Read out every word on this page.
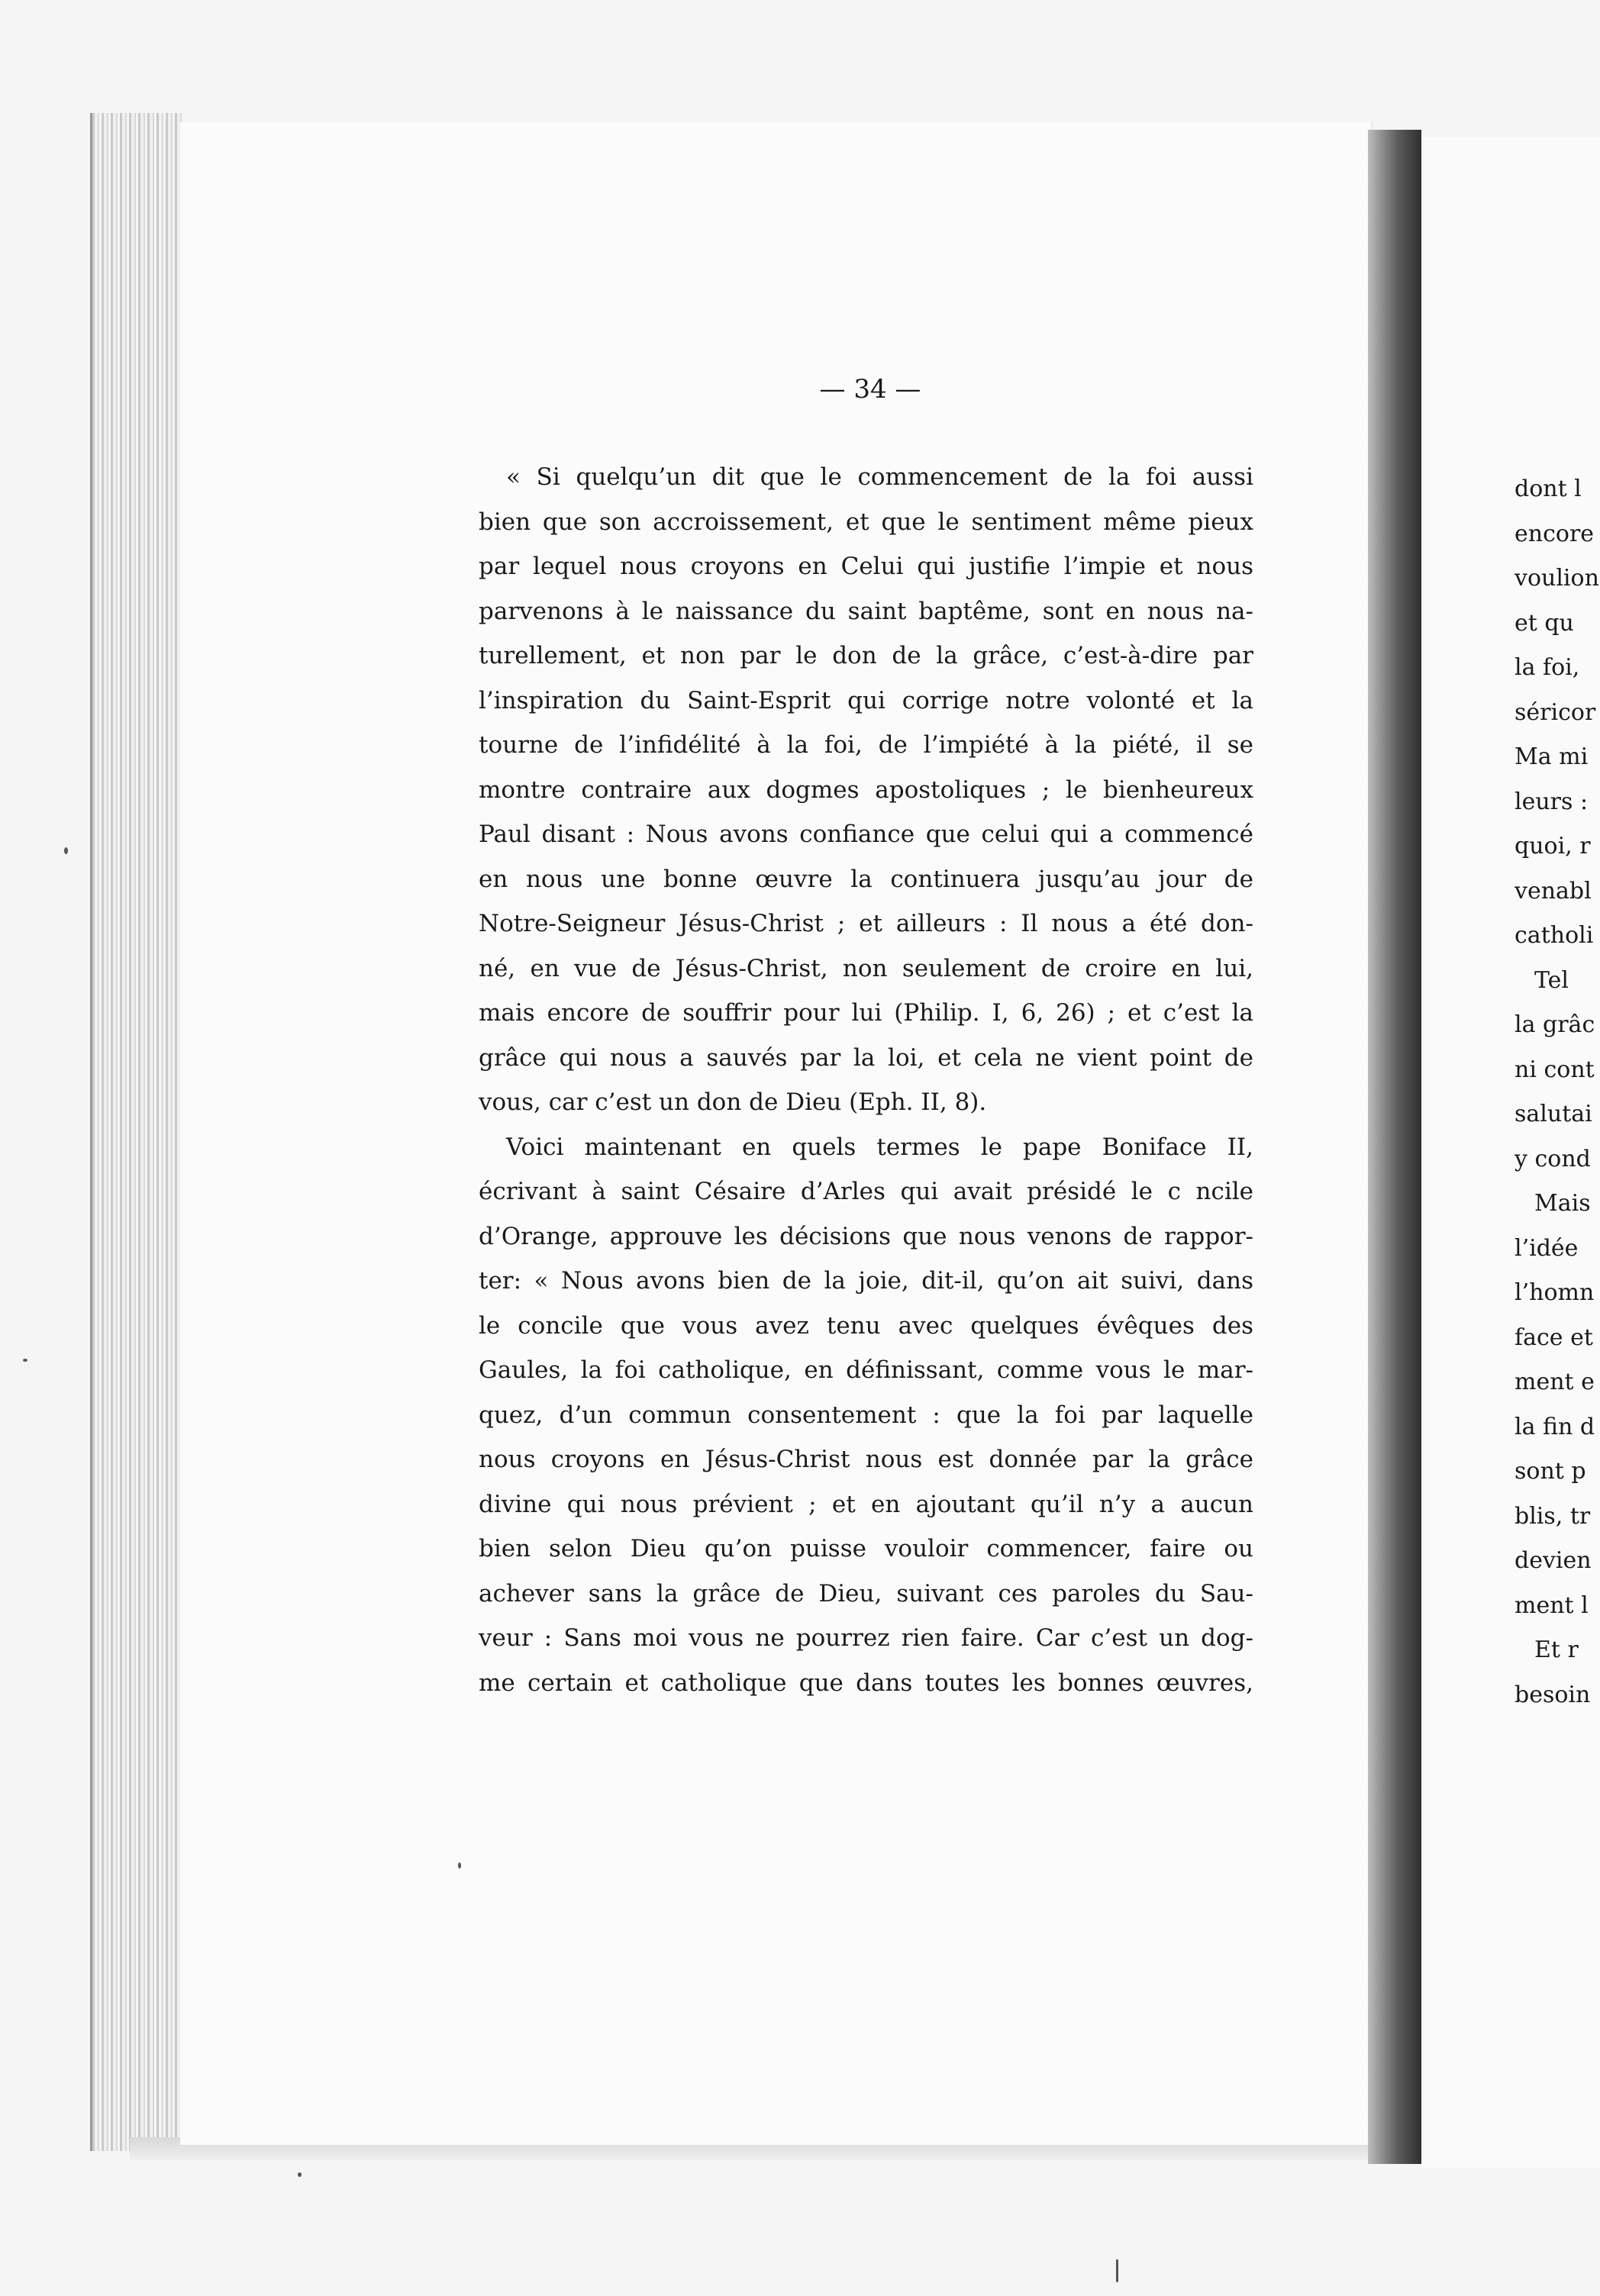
— 34 —

« Si quelqu’un dit que le commencement de la foi aussi

bien que son accroissement, et que le sentiment même pieux

par lequel nous croyons en Celui qui justifie l’impie et nous

parvenons à le naissance du saint baptême, sont en nous na-

turellement, et non par le don de la grâce, c’est-à-dire par

l’inspiration du Saint-Esprit qui corrige notre volonté et la

tourne de l’infidélité à la foi, de l’impiété à la piété, il se

montre contraire aux dogmes apostoliques ; le bienheureux

Paul disant : Nous avons confiance que celui qui a commencé

en nous une bonne œuvre la continuera jusqu’au jour de

Notre-Seigneur Jésus-Christ ; et ailleurs : Il nous a été don-

né, en vue de Jésus-Christ, non seulement de croire en lui,

mais encore de souffrir pour lui (Philip. I, 6, 26) ; et c’est la

grâce qui nous a sauvés par la loi, et cela ne vient point de

vous, car c’est un don de Dieu (Eph. II, 8).

Voici maintenant en quels termes le pape Boniface II,

écrivant à saint Césaire d’Arles qui avait présidé le c ncile

d’Orange, approuve les décisions que nous venons de rappor-

ter: « Nous avons bien de la joie, dit-il, qu’on ait suivi, dans

le concile que vous avez tenu avec quelques évêques des

Gaules, la foi catholique, en définissant, comme vous le mar-

quez, d’un commun consentement : que la foi par laquelle

nous croyons en Jésus-Christ nous est donnée par la grâce

divine qui nous prévient ; et en ajoutant qu’il n’y a aucun

bien selon Dieu qu’on puisse vouloir commencer, faire ou

achever sans la grâce de Dieu, suivant ces paroles du Sau-

veur : Sans moi vous ne pourrez rien faire. Car c’est un dog-

me certain et catholique que dans toutes les bonnes œuvres,

dont l
encore
voulion
et qu
la foi,
séricor
Ma mi
leurs :
quoi, r
venabl
catholi
Tel
la grâc
ni cont
salutai
y cond
Mais
l’idée
l’homn
face et
ment e
la fin d
sont p
blis, tr
devien
ment l
Et r
besoin
